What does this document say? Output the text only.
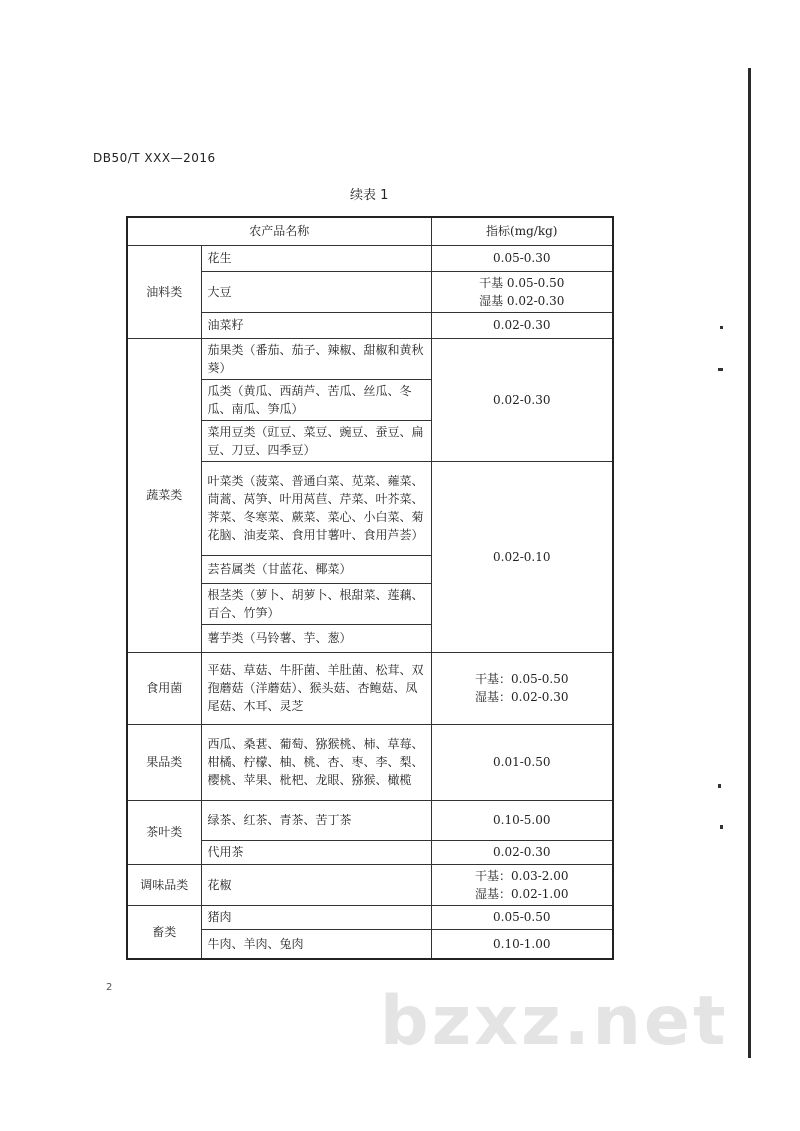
DB50/T XXX—2016
续表 1
农产品名称		指标(mg/kg)
油料类	花生	0.05-0.30
	大豆	干基 0.05-0.50
湿基 0.02-0.30

	油菜籽	0.02-0.30
蔬菜类	茄果类（番茄、茄子、辣椒、甜椒和黄秋葵）	0.02-0.30
	瓜类（黄瓜、西葫芦、苦瓜、丝瓜、冬瓜、南瓜、笋瓜）	
	菜用豆类（豇豆、菜豆、豌豆、蚕豆、扁豆、刀豆、四季豆）	
	叶菜类（菠菜、普通白菜、苋菜、蕹菜、茼蒿、莴笋、叶用莴苣、芹菜、叶芥菜、荠菜、冬寒菜、蕨菜、菜心、小白菜、菊花脑、油麦菜、食用甘薯叶、食用芦荟）	0.02-0.10
	芸苔属类（甘蓝花、椰菜）	
	根茎类（萝卜、胡萝卜、根甜菜、莲藕、百合、竹笋）	
	薯芋类（马铃薯、芋、葱）	
食用菌	平菇、草菇、牛肝菌、羊肚菌、松茸、双孢蘑菇（洋蘑菇）、猴头菇、杏鲍菇、凤尾菇、木耳、灵芝	干基：0.05-0.50
湿基：0.02-0.30

果品类	西瓜、桑葚、葡萄、猕猴桃、柿、草莓、柑橘、柠檬、柚、桃、杏、枣、李、梨、樱桃、苹果、枇杷、龙眼、猕猴、橄榄	0.01-0.50
茶叶类	绿茶、红茶、青茶、苦丁茶	0.10-5.00
	代用茶	0.02-0.30
调味品类	花椒	干基：0.03-2.00
湿基：0.02-1.00

畜类	猪肉	0.05-0.50
	牛肉、羊肉、兔肉	0.10-1.00
2	bzxz.net
